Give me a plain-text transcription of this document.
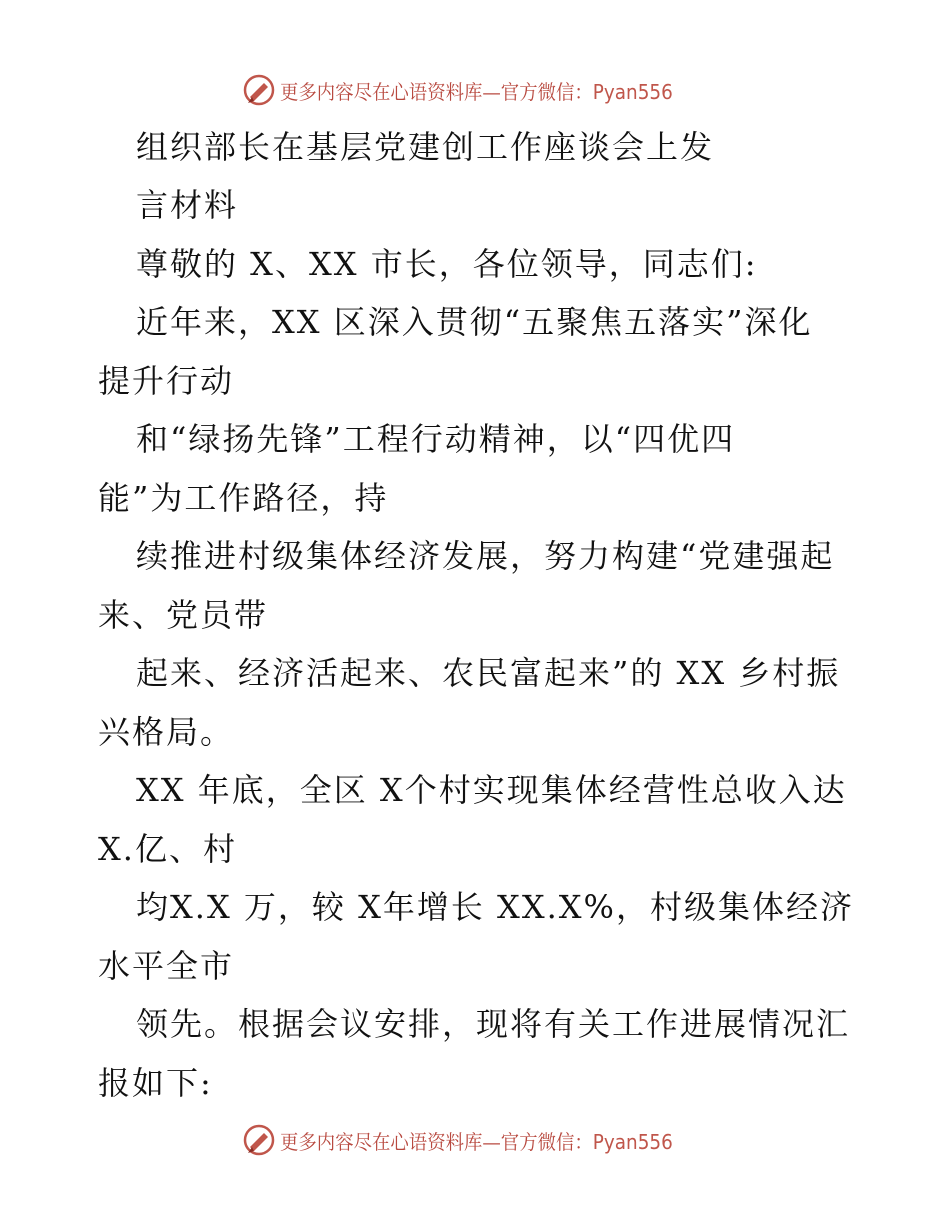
更多内容尽在心语资料库—官方微信：Pyan556
组织部长在基层党建创工作座谈会上发
言材料
尊敬的 X、XX 市长，各位领导，同志们:
近年来，XX 区深入贯彻“五聚焦五落实”深化
提升行动
和“绿扬先锋”工程行动精神，以“四优四
能”为工作路径，持
续推进村级集体经济发展，努力构建“党建强起
来、党员带
起来、经济活起来、农民富起来”的 XX 乡村振
兴格局。
XX 年底，全区 X个村实现集体经营性总收入达
X.亿、村
均X.X 万，较 X年增长 XX.X%，村级集体经济
水平全市
领先。根据会议安排，现将有关工作进展情况汇
报如下:
更多内容尽在心语资料库—官方微信：Pyan556
